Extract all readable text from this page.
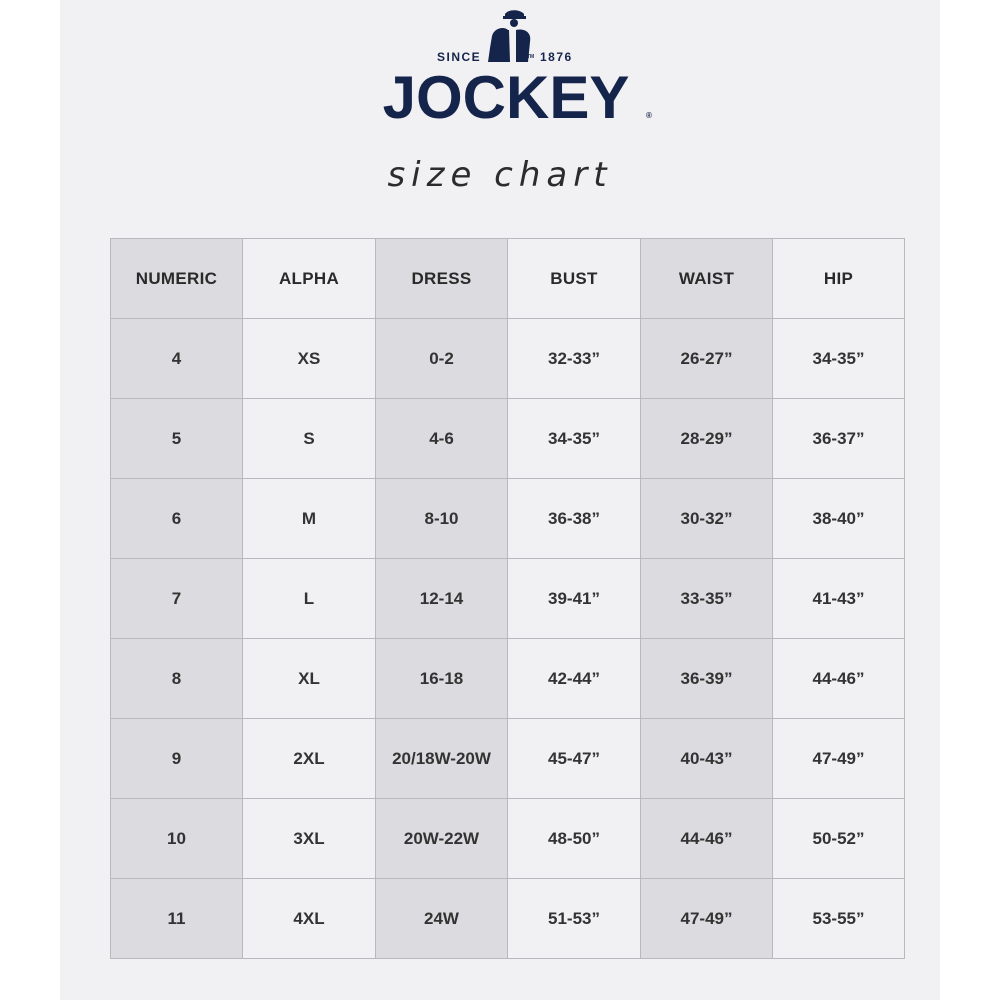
SINCE	TM 1876
JOCKEY ®
size chart
NUMERIC	ALPHA	DRESS	BUST	WAIST	HIP
4	XS	0-2	32-33”	26-27”	34-35”
5	S	4-6	34-35”	28-29”	36-37”
6	M	8-10	36-38”	30-32”	38-40”
7	L	12-14	39-41”	33-35”	41-43”
8	XL	16-18	42-44”	36-39”	44-46”
9	2XL	20/18W-20W	45-47”	40-43”	47-49”
10	3XL	20W-22W	48-50”	44-46”	50-52”
11	4XL	24W	51-53”	47-49”	53-55”
